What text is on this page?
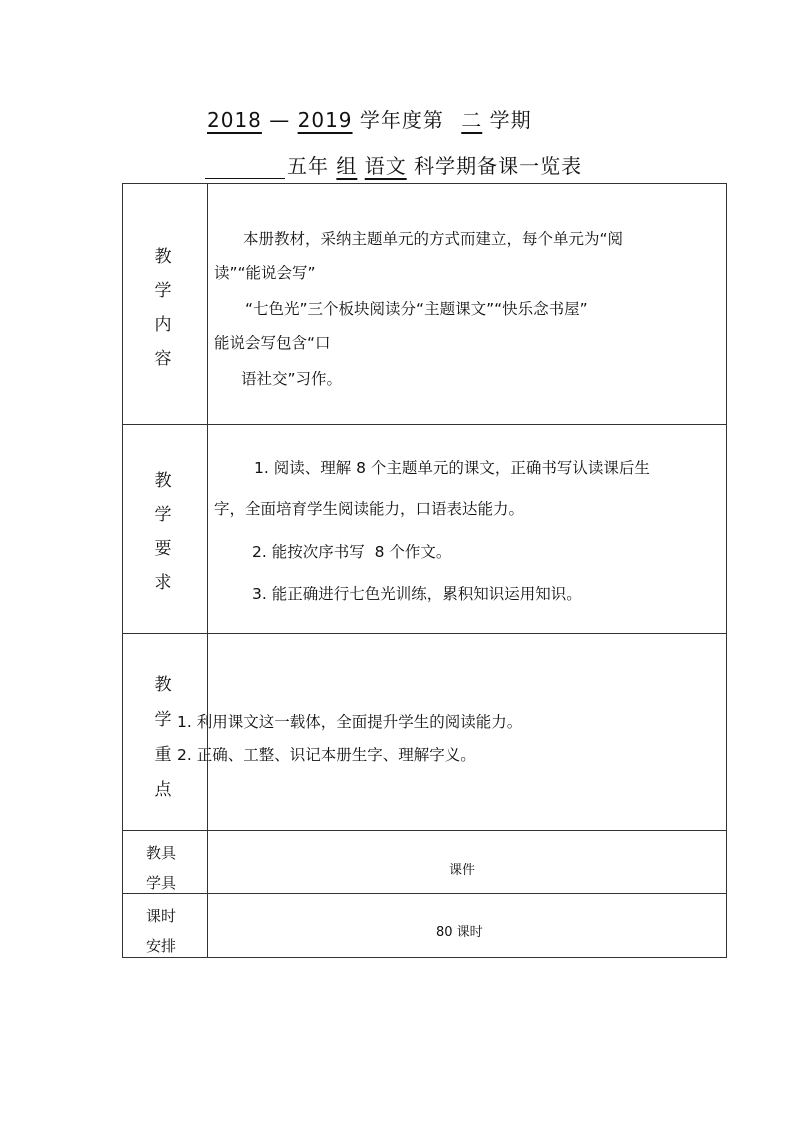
2018 — 2019 学年度第 二 学期
五年 组 语文 科学期备课一览表
教
学
内
容
本册教材，采纳主题单元的方式而建立，每个单元为“阅
读”“能说会写”
“七色光”三个板块阅读分“主题课文”“快乐念书屋”
能说会写包含“口
语社交”习作。
教
学
要
求
1. 阅读、理解 8 个主题单元的课文，正确书写认读课后生
字，全面培育学生阅读能力，口语表达能力。
2. 能按次序书写  8 个作文。
3. 能正确进行七色光训练，累积知识运用知识。
教
学
重
点
1. 利用课文这一载体，全面提升学生的阅读能力。
2. 正确、工整、识记本册生字、理解字义。
教具
学具
课件
课时
安排
80 课时
